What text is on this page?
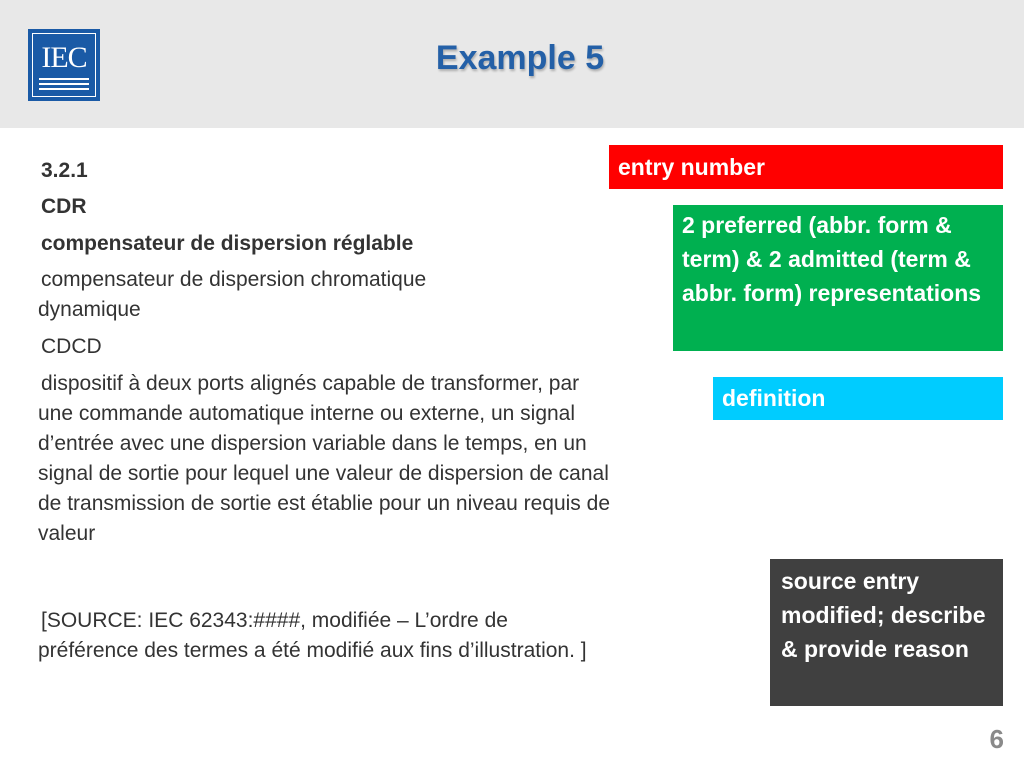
IEC	Example 5
3.2.1
CDR
compensateur de dispersion réglable
compensateur de dispersion chromatique dynamique
CDCD
dispositif à deux ports alignés capable de transformer, par une commande automatique interne ou externe, un signal d’entrée avec une dispersion variable dans le temps, en un signal de sortie pour lequel une valeur de dispersion de canal de transmission de sortie est établie pour un niveau requis de valeur
[SOURCE: IEC 62343:####, modifiée – L’ordre de préférence des termes a été modifié aux fins d’illustration. ]
entry number
2 preferred (abbr. form & term) & 2 admitted (term & abbr. form) representations
definition
source entry modified; describe & provide reason
6
